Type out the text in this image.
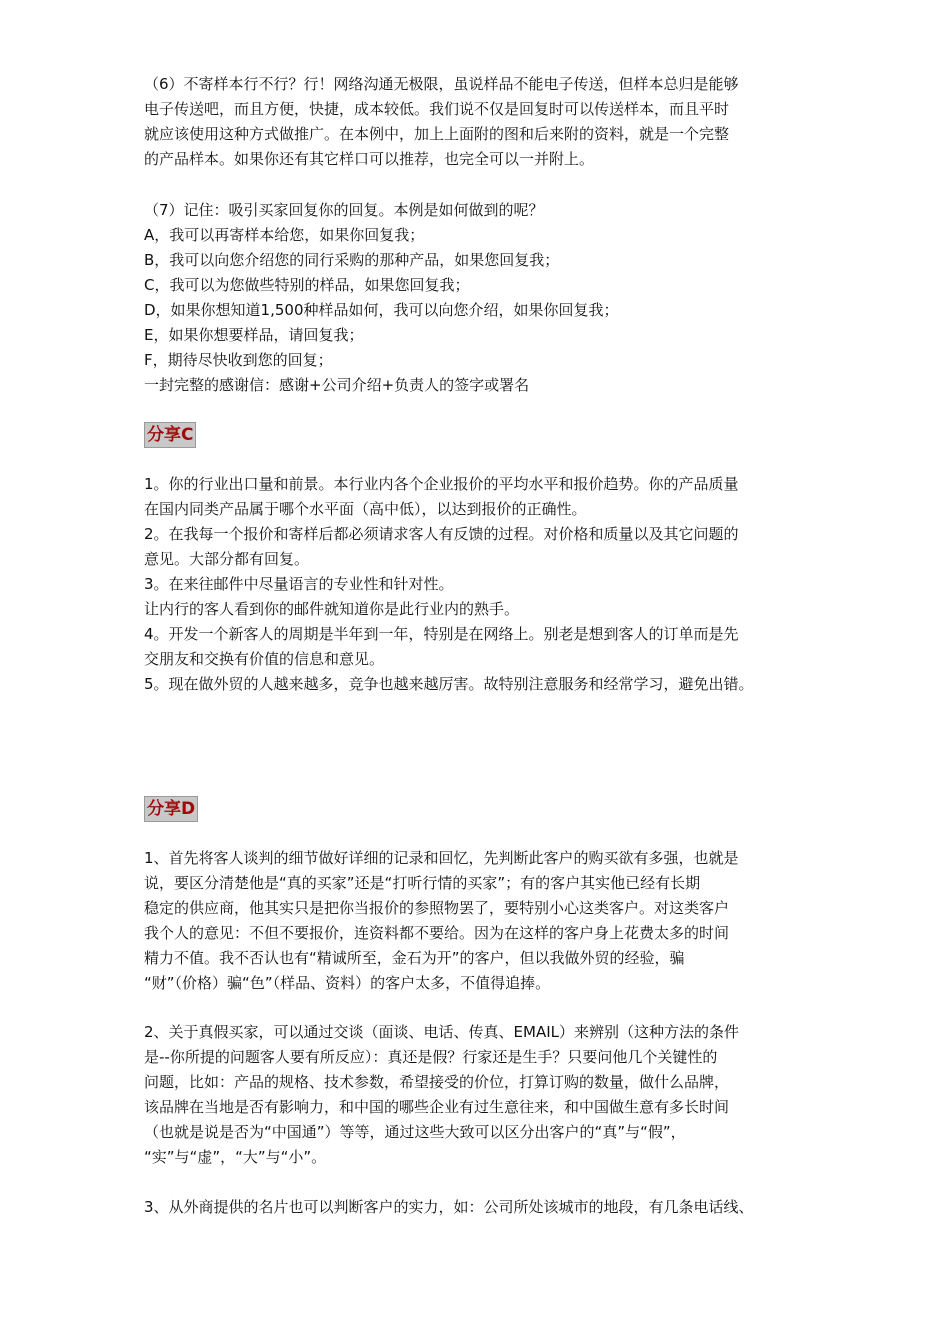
（6）不寄样本行不行？行！网络沟通无极限，虽说样品不能电子传送，但样本总归是能够
电子传送吧，而且方便，快捷，成本较低。我们说不仅是回复时可以传送样本，而且平时
就应该使用这种方式做推广。在本例中，加上上面附的图和后来附的资料，就是一个完整
的产品样本。如果你还有其它样口可以推荐，也完全可以一并附上。
（7）记住：吸引买家回复你的回复。本例是如何做到的呢？
A，我可以再寄样本给您，如果你回复我；
B，我可以向您介绍您的同行采购的那种产品，如果您回复我；
C，我可以为您做些特别的样品，如果您回复我；
D，如果你想知道1,500种样品如何，我可以向您介绍，如果你回复我；
E，如果你想要样品，请回复我；
F，期待尽快收到您的回复；
一封完整的感谢信：感谢+公司介绍+负责人的签字或署名
分享C
1。你的行业出口量和前景。本行业内各个企业报价的平均水平和报价趋势。你的产品质量
在国内同类产品属于哪个水平面（高中低），以达到报价的正确性。
2。在我每一个报价和寄样后都必须请求客人有反馈的过程。对价格和质量以及其它问题的
意见。大部分都有回复。
3。在来往邮件中尽量语言的专业性和针对性。
让内行的客人看到你的邮件就知道你是此行业内的熟手。
4。开发一个新客人的周期是半年到一年，特别是在网络上。别老是想到客人的订单而是先
交朋友和交换有价值的信息和意见。
5。现在做外贸的人越来越多，竞争也越来越厉害。故特别注意服务和经常学习，避免出错。
分享D
1、首先将客人谈判的细节做好详细的记录和回忆，先判断此客户的购买欲有多强，也就是
说，要区分清楚他是“真的买家”还是“打听行情的买家”；有的客户其实他已经有长期
稳定的供应商，他其实只是把你当报价的参照物罢了，要特别小心这类客户。对这类客户
我个人的意见：不但不要报价，连资料都不要给。因为在这样的客户身上花费太多的时间
精力不值。我不否认也有“精诚所至，金石为开”的客户，但以我做外贸的经验，骗
“财”（价格）骗“色”（样品、资料）的客户太多，不值得追捧。
2、关于真假买家，可以通过交谈（面谈、电话、传真、EMAIL）来辨别（这种方法的条件
是--你所提的问题客人要有所反应）：真还是假？行家还是生手？只要问他几个关键性的
问题，比如：产品的规格、技术参数，希望接受的价位，打算订购的数量，做什么品牌，
该品牌在当地是否有影响力，和中国的哪些企业有过生意往来，和中国做生意有多长时间
（也就是说是否为“中国通”）等等，通过这些大致可以区分出客户的“真”与“假”，
“实”与“虚”，“大”与“小”。
3、从外商提供的名片也可以判断客户的实力，如：公司所处该城市的地段，有几条电话线、
